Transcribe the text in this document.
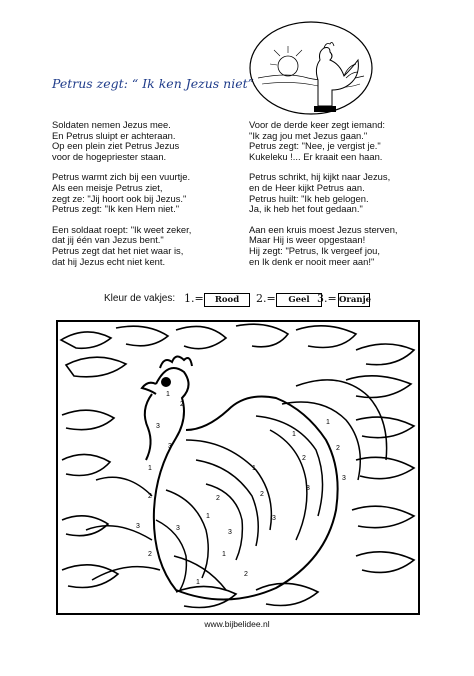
Petrus zegt: “ Ik ken Jezus niet”

Soldaten nemen Jezus mee.
En Petrus sluipt er achteraan.
Op een plein ziet Petrus Jezus
voor de hogepriester staan.

Petrus warmt zich bij een vuurtje.
Als een meisje Petrus ziet,
zegt ze: "Jij hoort ook bij Jezus."
Petrus zegt: "Ik ken Hem niet."

Een soldaat roept: "Ik weet zeker,
dat jij één van Jezus bent."
Petrus zegt dat het niet waar is,
dat hij Jezus echt niet kent.

Voor de derde keer zegt iemand:
"Ik zag jou met Jezus gaan."
Petrus zegt: "Nee, je vergist je."
Kukeleku !... Er kraait een haan.

Petrus schrikt, hij kijkt naar Jezus,
en de Heer kijkt Petrus aan.
Petrus huilt: "Ik heb gelogen.
Ja, ik heb het fout gedaan."

Aan een kruis moest Jezus sterven,
Maar Hij is weer opgestaan!
Hij zegt: "Petrus, Ik vergeef jou,
en Ik denk er nooit meer aan!"

Kleur de vakjes: 1.=	Rood	2.=	Geel 3.= Oranje
1
2
3
3
1
2
3
2
1
3
1
2
1
2
3
1
2
3
1
2
3
1
2
3
www.bijbelidee.nl
